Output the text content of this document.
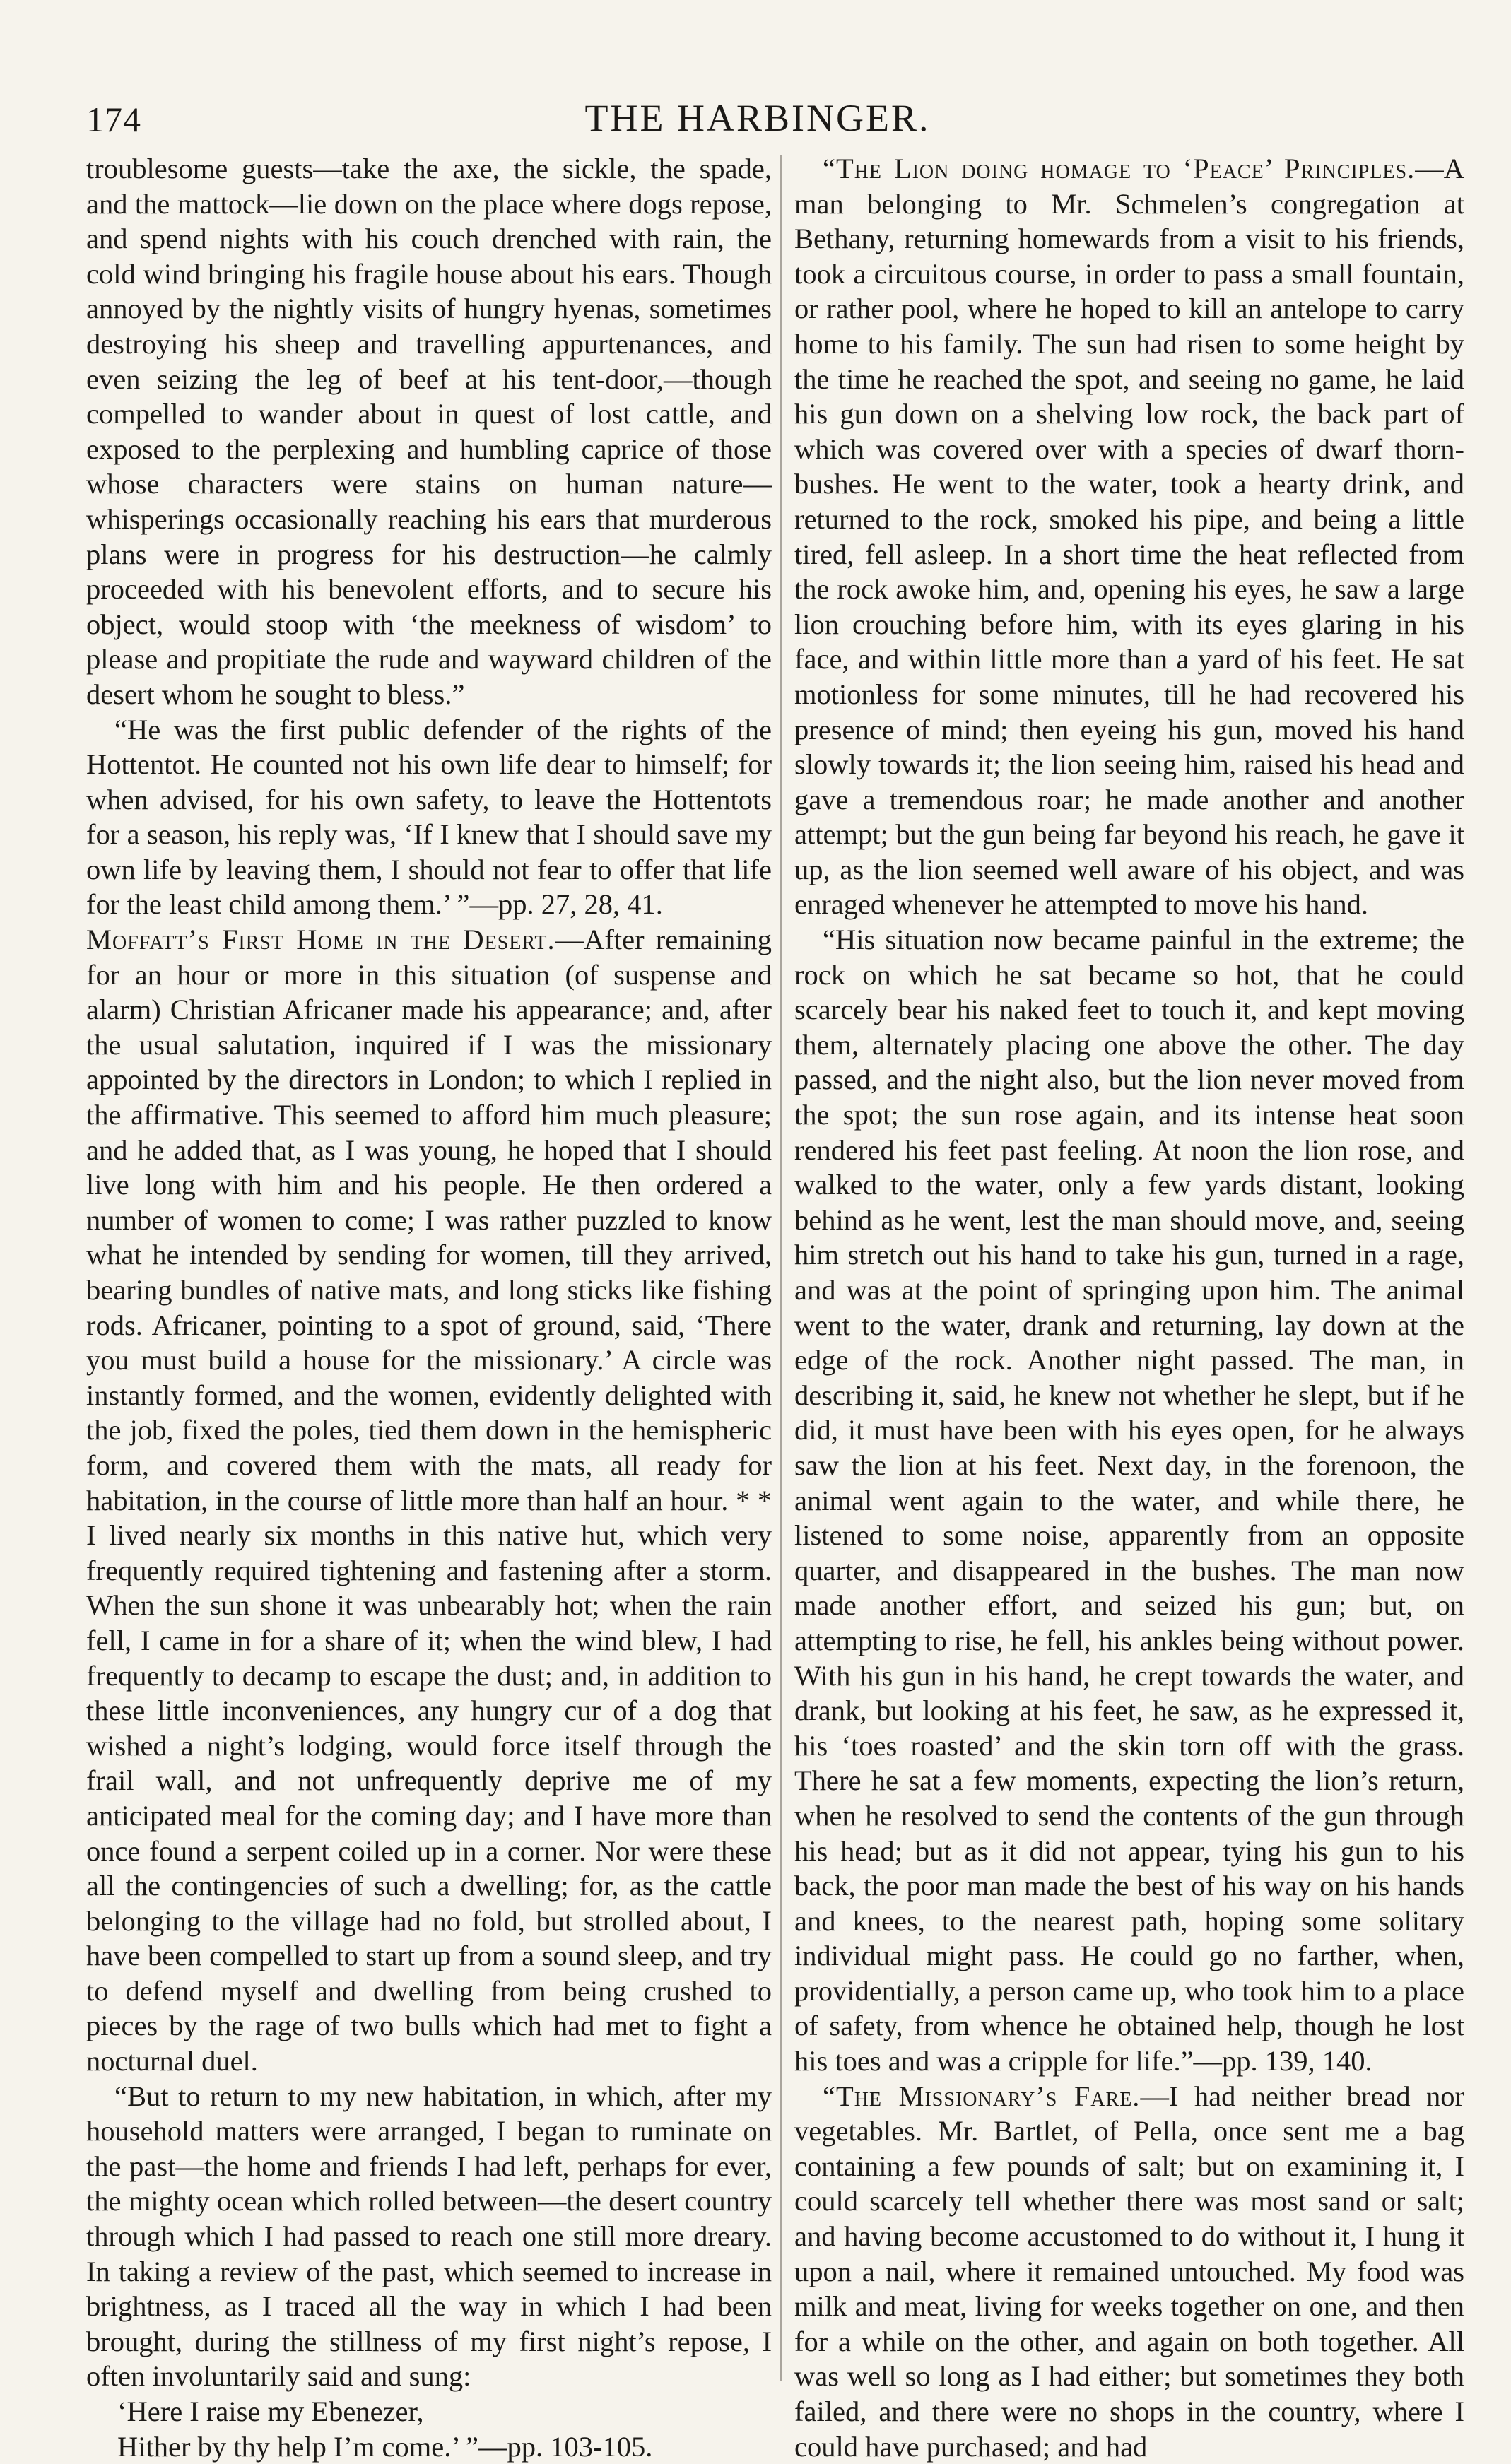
174	THE HARBINGER.

troublesome guests—take the axe, the sickle, the spade, and the mattock—lie down on the place where dogs repose, and spend nights with his couch drenched with rain, the cold wind bringing his fragile house about his ears. Though annoyed by the nightly visits of hungry hyenas, sometimes destroying his sheep and travelling appurtenances, and even seizing the leg of beef at his tent-door,—though compelled to wander about in quest of lost cattle, and exposed to the perplexing and humbling caprice of those whose characters were stains on human nature—whisperings occasionally reaching his ears that murderous plans were in progress for his destruction—he calmly proceeded with his benevolent efforts, and to secure his object, would stoop with ‘the meekness of wisdom’ to please and propitiate the rude and wayward children of the desert whom he sought to bless.”

“He was the first public defender of the rights of the Hottentot. He counted not his own life dear to himself; for when advised, for his own safety, to leave the Hottentots for a season, his reply was, ‘If I knew that I should save my own life by leaving them, I should not fear to offer that life for the least child among them.’ ”—pp. 27, 28, 41.

Moffatt’s First Home in the Desert.—After remaining for an hour or more in this situation (of suspense and alarm) Christian Africaner made his appearance; and, after the usual salutation, inquired if I was the missionary appointed by the directors in London; to which I replied in the affirmative. This seemed to afford him much pleasure; and he added that, as I was young, he hoped that I should live long with him and his people. He then ordered a number of women to come; I was rather puzzled to know what he intended by sending for women, till they arrived, bearing bundles of native mats, and long sticks like fishing rods. Africaner, pointing to a spot of ground, said, ‘There you must build a house for the missionary.’ A circle was instantly formed, and the women, evidently delighted with the job, fixed the poles, tied them down in the hemispheric form, and covered them with the mats, all ready for habitation, in the course of little more than half an hour. * * I lived nearly six months in this native hut, which very frequently required tightening and fastening after a storm. When the sun shone it was unbearably hot; when the rain fell, I came in for a share of it; when the wind blew, I had frequently to decamp to escape the dust; and, in addition to these little inconveniences, any hungry cur of a dog that wished a night’s lodging, would force itself through the frail wall, and not unfrequently deprive me of my anticipated meal for the coming day; and I have more than once found a serpent coiled up in a corner. Nor were these all the contingencies of such a dwelling; for, as the cattle belonging to the village had no fold, but strolled about, I have been compelled to start up from a sound sleep, and try to defend myself and dwelling from being crushed to pieces by the rage of two bulls which had met to fight a nocturnal duel.

“But to return to my new habitation, in which, after my household matters were arranged, I began to ruminate on the past—the home and friends I had left, perhaps for ever, the mighty ocean which rolled between—the desert country through which I had passed to reach one still more dreary. In taking a review of the past, which seemed to increase in brightness, as I traced all the way in which I had been brought, during the stillness of my first night’s repose, I often involuntarily said and sung:

‘Here I raise my Ebenezer,

Hither by thy help I’m come.’ ”—pp. 103-105.

“The Lion doing homage to ‘Peace’ Principles.—A man belonging to Mr. Schmelen’s congregation at Bethany, returning homewards from a visit to his friends, took a circuitous course, in order to pass a small fountain, or rather pool, where he hoped to kill an antelope to carry home to his family. The sun had risen to some height by the time he reached the spot, and seeing no game, he laid his gun down on a shelving low rock, the back part of which was covered over with a species of dwarf thorn-bushes. He went to the water, took a hearty drink, and returned to the rock, smoked his pipe, and being a little tired, fell asleep. In a short time the heat reflected from the rock awoke him, and, opening his eyes, he saw a large lion crouching before him, with its eyes glaring in his face, and within little more than a yard of his feet. He sat motionless for some minutes, till he had recovered his presence of mind; then eyeing his gun, moved his hand slowly towards it; the lion seeing him, raised his head and gave a tremendous roar; he made another and another attempt; but the gun being far beyond his reach, he gave it up, as the lion seemed well aware of his object, and was enraged whenever he attempted to move his hand.

“His situation now became painful in the extreme; the rock on which he sat became so hot, that he could scarcely bear his naked feet to touch it, and kept moving them, alternately placing one above the other. The day passed, and the night also, but the lion never moved from the spot; the sun rose again, and its intense heat soon rendered his feet past feeling. At noon the lion rose, and walked to the water, only a few yards distant, looking behind as he went, lest the man should move, and, seeing him stretch out his hand to take his gun, turned in a rage, and was at the point of springing upon him. The animal went to the water, drank and returning, lay down at the edge of the rock. Another night passed. The man, in describing it, said, he knew not whether he slept, but if he did, it must have been with his eyes open, for he always saw the lion at his feet. Next day, in the forenoon, the animal went again to the water, and while there, he listened to some noise, apparently from an opposite quarter, and disappeared in the bushes. The man now made another effort, and seized his gun; but, on attempting to rise, he fell, his ankles being without power. With his gun in his hand, he crept towards the water, and drank, but looking at his feet, he saw, as he expressed it, his ‘toes roasted’ and the skin torn off with the grass. There he sat a few moments, expecting the lion’s return, when he resolved to send the contents of the gun through his head; but as it did not appear, tying his gun to his back, the poor man made the best of his way on his hands and knees, to the nearest path, hoping some solitary individual might pass. He could go no farther, when, providentially, a person came up, who took him to a place of safety, from whence he obtained help, though he lost his toes and was a cripple for life.”—pp. 139, 140.

“The Missionary’s Fare.—I had neither bread nor vegetables. Mr. Bartlet, of Pella, once sent me a bag containing a few pounds of salt; but on examining it, I could scarcely tell whether there was most sand or salt; and having become accustomed to do without it, I hung it upon a nail, where it remained untouched. My food was milk and meat, living for weeks together on one, and then for a while on the other, and again on both together. All was well so long as I had either; but sometimes they both failed, and there were no shops in the country, where I could have purchased; and had
